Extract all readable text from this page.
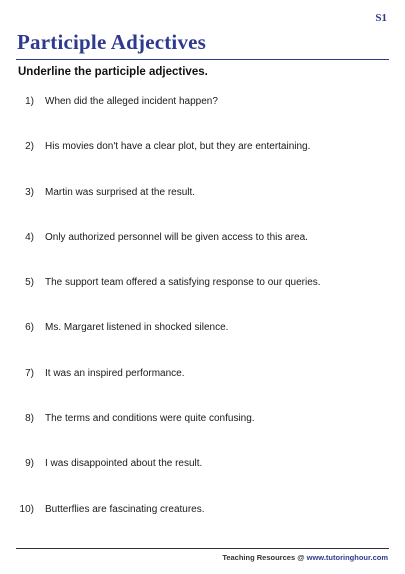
S1
Participle Adjectives

Underline the participle adjectives.

1) When did the alleged incident happen?
2) His movies don't have a clear plot, but they are entertaining.
3) Martin was surprised at the result.
4) Only authorized personnel will be given access to this area.
5) The support team offered a satisfying response to our queries.
6) Ms. Margaret listened in shocked silence.
7) It was an inspired performance.
8) The terms and conditions were quite confusing.
9) I was disappointed about the result.
10) Butterflies are fascinating creatures.
Teaching Resources @ www.tutoringhour.com
